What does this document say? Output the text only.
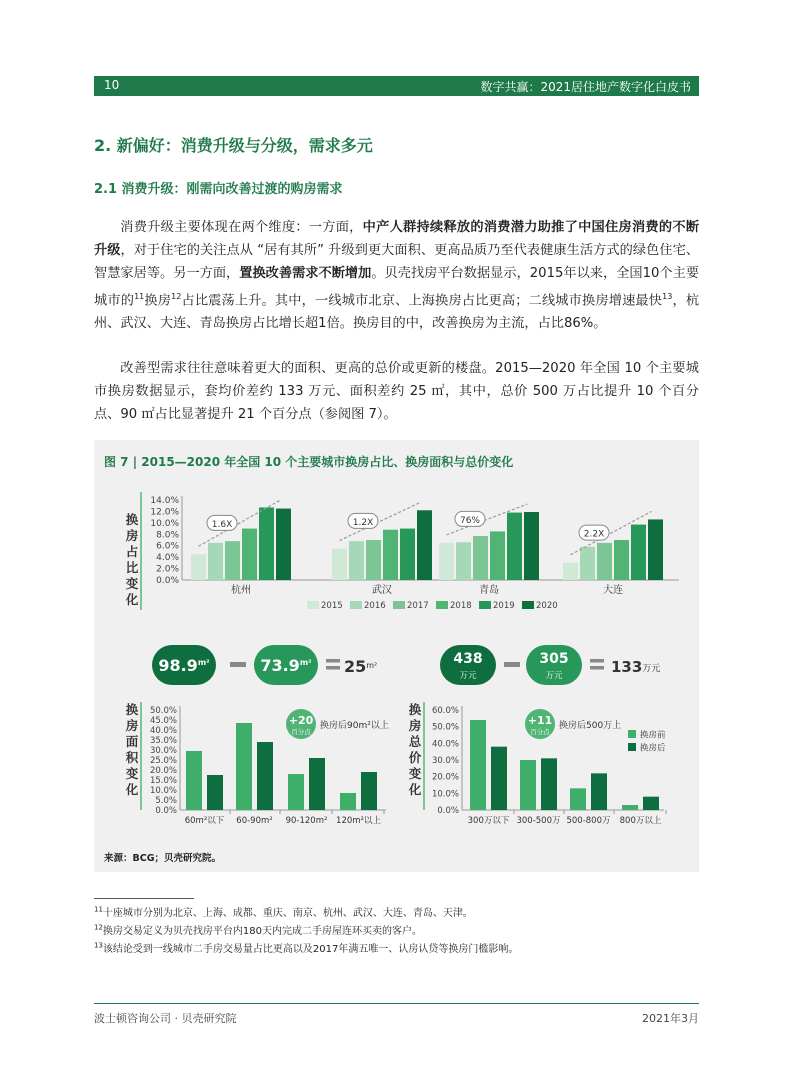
10	数字共赢：2021居住地产数字化白皮书
2. 新偏好：消费升级与分级，需求多元
2.1 消费升级：刚需向改善过渡的购房需求
消费升级主要体现在两个维度：一方面，中产人群持续释放的消费潜力助推了中国住房消费的不断升级，对于住宅的关注点从 “居有其所” 升级到更大面积、更高品质乃至代表健康生活方式的绿色住宅、智慧家居等。另一方面，置换改善需求不断增加。贝壳找房平台数据显示，2015年以来，全国10个主要城市的$^{11}$换房$^{12}$占比震荡上升。其中，一线城市北京、上海换房占比更高；二线城市换房增速最快$^{13}$，杭州、武汉、大连、青岛换房占比增长超1倍。换房目的中，改善换房为主流，占比86%。
改善型需求往往意味着更大的面积、更高的总价或更新的楼盘。2015—2020 年全国 10 个主要城市换房数据显示，套均价差约 133 万元、面积差约 25 ㎡，其中，总价 500 万占比提升 10 个百分点、90 ㎡占比显著提升 21 个百分点（参阅图 7）。
图 7 | 2015—2020 年全国 10 个主要城市换房占比、换房面积与总价变化
换房占比变化
换房面积变化
换房总价变化
0.0%
2.0%
4.0%
6.0%
8.0%
10.0%
12.0%
14.0%
杭州
1.6X
武汉
1.2X
青岛
76%
大连
2.2X
$98.9^{m^2}$	$73.9^{m^2}$ $25^{m^2}$	438
万元
305
万元	133万元
0.0%
5.0%
10.0%
15.0%
20.0%
25.0%
30.0%
35.0%
40.0%
45.0%
50.0%
60m²以下 60-90m² 90-120m² 120m²以上
0.0%
10.0%
20.0%
30.0%
40.0%
50.0%
60.0%
300万以下 300-500万 500-800万 800万以上
+20
百分点
换房后90m²以上	+11
百分点
换房后500万上
换房前
换房后
2015	2016	2017	2018	2019	2020
来源：BCG；贝壳研究院。
$^{11}$十座城市分别为北京、上海、成都、重庆、南京、杭州、武汉、大连、青岛、天津。
$^{12}$换房交易定义为贝壳找房平台内180天内完成二手房屋连环买卖的客户。
$^{13}$该结论受到一线城市二手房交易量占比更高以及2017年满五唯一、认房认贷等换房门槛影响。
波士顿咨询公司 · 贝壳研究院	2021年3月
